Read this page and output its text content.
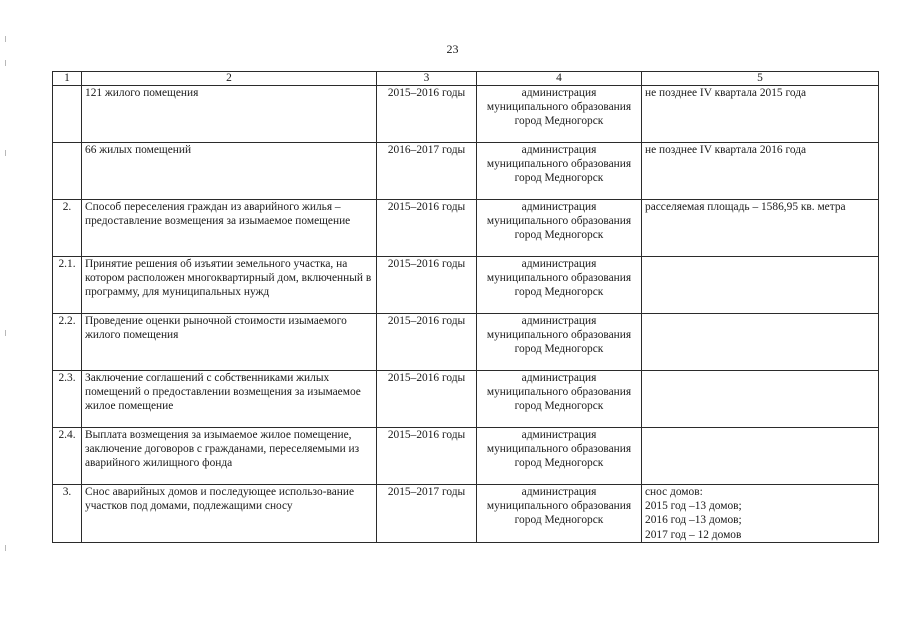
23
1	2	3	4	5
	121 жилого помещения	2015–2016 годы	администрация муниципального образования город Медногорск	не позднее IV квартала 2015 года

	66 жилых помещений	2016–2017 годы	администрация муниципального образования город Медногорск	не позднее IV квартала 2016 года

2.	Способ переселения граждан из аварийного жилья – предоставление возмещения за изымаемое помещение	2015–2016 годы	администрация муниципального образования город Медногорск	расселяемая площадь – 1586,95 кв. метра

2.1.	Принятие решения об изъятии земельного участка, на котором расположен многоквартирный дом, включенный в программу, для муниципальных нужд	2015–2016 годы	администрация муниципального образования город Медногорск	
2.2.	Проведение оценки рыночной стоимости изымаемого жилого помещения	2015–2016 годы	администрация муниципального образования город Медногорск	
2.3.	Заключение соглашений с собственниками жилых помещений о предоставлении возмещения за изымаемое жилое помещение	2015–2016 годы	администрация муниципального образования город Медногорск	
2.4.	Выплата возмещения за изымаемое жилое помещение, заключение договоров с гражданами, переселяемыми из аварийного жилищного фонда	2015–2016 годы	администрация муниципального образования город Медногорск	
3.	Снос аварийных домов и последующее использо-вание участков под домами, подлежащими сносу	2015–2017 годы	администрация муниципального образования город Медногорск	снос домов:
2015 год –13 домов;
2016 год –13 домов;
2017 год – 12 домов
